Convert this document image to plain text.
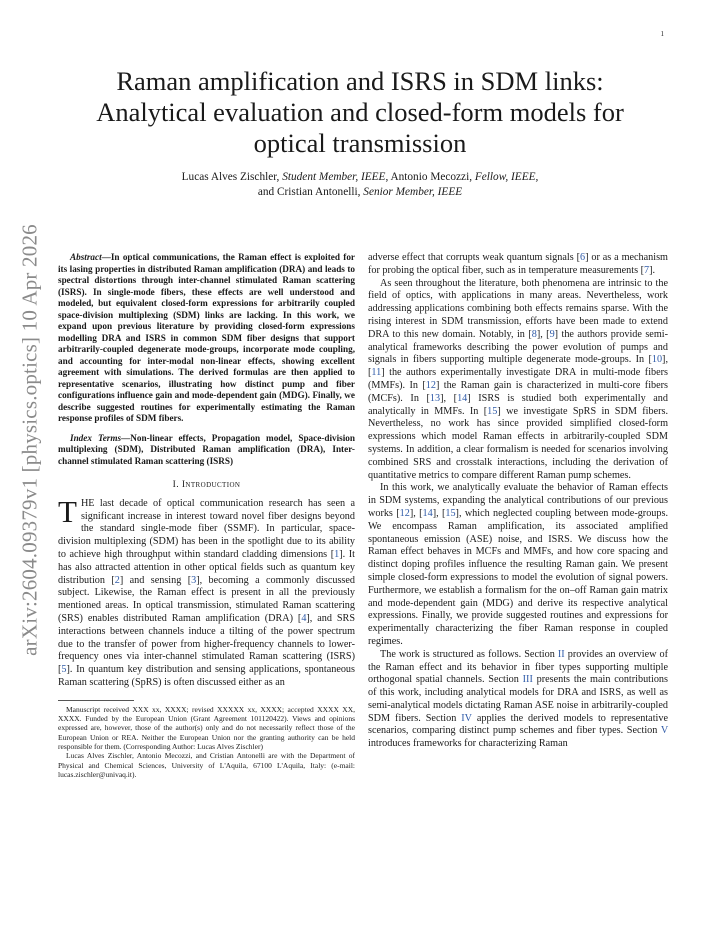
1
arXiv:2604.09379v1 [physics.optics] 10 Apr 2026
Raman amplification and ISRS in SDM links: Analytical evaluation and closed-form models for optical transmission
Lucas Alves Zischler, Student Member, IEEE, Antonio Mecozzi, Fellow, IEEE,
and Cristian Antonelli, Senior Member, IEEE

Abstract—In optical communications, the Raman effect is exploited for its lasing properties in distributed Raman amplification (DRA) and leads to spectral distortions through inter-channel stimulated Raman scattering (ISRS). In single-mode fibers, these effects are well understood and modeled, but equivalent closed-form expressions for arbitrarily coupled space-division multiplexing (SDM) links are lacking. In this work, we expand upon previous literature by providing closed-form expressions modelling DRA and ISRS in common SDM fiber designs that support arbitrarily-coupled degenerate mode-groups, incorporate mode coupling, and accounting for inter-modal non-linear effects, showing excellent agreement with simulations. The derived formulas are then applied to representative scenarios, illustrating how distinct pump and fiber configurations influence gain and mode-dependent gain (MDG). Finally, we describe suggested routines for experimentally estimating the Raman response profiles of SDM fibers.

Index Terms—Non-linear effects, Propagation model, Space-division multiplexing (SDM), Distributed Raman amplification (DRA), Inter-channel stimulated Raman scattering (ISRS)

I. Introduction

THE last decade of optical communication research has seen a significant increase in interest toward novel fiber designs beyond the standard single-mode fiber (SSMF). In particular, space-division multiplexing (SDM) has been in the spotlight due to its ability to achieve high throughput within standard cladding dimensions [1]. It has also attracted attention in other optical fields such as quantum key distribution [2] and sensing [3], becoming a commonly discussed subject. Likewise, the Raman effect is present in all the previously mentioned areas. In optical transmission, stimulated Raman scattering (SRS) enables distributed Raman amplification (DRA) [4], and SRS interactions between channels induce a tilting of the power spectrum due to the transfer of power from higher-frequency channels to lower-frequency ones via inter-channel stimulated Raman scattering (ISRS) [5]. In quantum key distribution and sensing applications, spontaneous Raman scattering (SpRS) is often discussed either as an

Manuscript received XXX xx, XXXX; revised XXXXX xx, XXXX; accepted XXXX XX, XXXX. Funded by the European Union (Grant Agreement 101120422). Views and opinions expressed are, however, those of the author(s) only and do not necessarily reflect those of the European Union or REA. Neither the European Union nor the granting authority can be held responsible for them. (Corresponding Author: Lucas Alves Zischler)

Lucas Alves Zischler, Antonio Mecozzi, and Cristian Antonelli are with the Department of Physical and Chemical Sciences, University of L'Aquila, 67100 L'Aquila, Italy: (e-mail: lucas.zischler@univaq.it).

adverse effect that corrupts weak quantum signals [6] or as a mechanism for probing the optical fiber, such as in temperature measurements [7].

As seen throughout the literature, both phenomena are intrinsic to the field of optics, with applications in many areas. Nevertheless, work addressing applications combining both effects remains sparse. With the rising interest in SDM transmission, efforts have been made to extend DRA to this new domain. Notably, in [8], [9] the authors provide semi-analytical frameworks describing the power evolution of pumps and signals in fibers supporting multiple degenerate mode-groups. In [10], [11] the authors experimentally investigate DRA in multi-mode fibers (MMFs). In [12] the Raman gain is characterized in multi-core fibers (MCFs). In [13], [14] ISRS is studied both experimentally and analytically in MMFs. In [15] we investigate SpRS in SDM fibers. Nevertheless, no work has since provided simplified closed-form expressions which model Raman effects in arbitrarily-coupled SDM systems. In addition, a clear formalism is needed for scenarios involving combined SRS and crosstalk interactions, including the derivation of quantitative metrics to compare different Raman pump schemes.

In this work, we analytically evaluate the behavior of Raman effects in SDM systems, expanding the analytical contributions of our previous works [12], [14], [15], which neglected coupling between mode-groups. We encompass Raman amplification, its associated amplified spontaneous emission (ASE) noise, and ISRS. We discuss how the Raman effect behaves in MCFs and MMFs, and how core spacing and distinct doping profiles influence the resulting Raman gain. We present simple closed-form expressions to model the evolution of signal powers. Furthermore, we establish a formalism for the on–off Raman gain matrix and mode-dependent gain (MDG) and derive its respective analytical expressions. Finally, we provide suggested routines and expressions for experimentally characterizing the fiber Raman response in coupled regimes.

The work is structured as follows. Section II provides an overview of the Raman effect and its behavior in fiber types supporting multiple orthogonal spatial channels. Section III presents the main contributions of this work, including analytical models for DRA and ISRS, as well as semi-analytical models dictating Raman ASE noise in arbitrarily-coupled SDM fibers. Section IV applies the derived models to representative scenarios, comparing distinct pump schemes and fiber types. Section V introduces frameworks for characterizing Raman
